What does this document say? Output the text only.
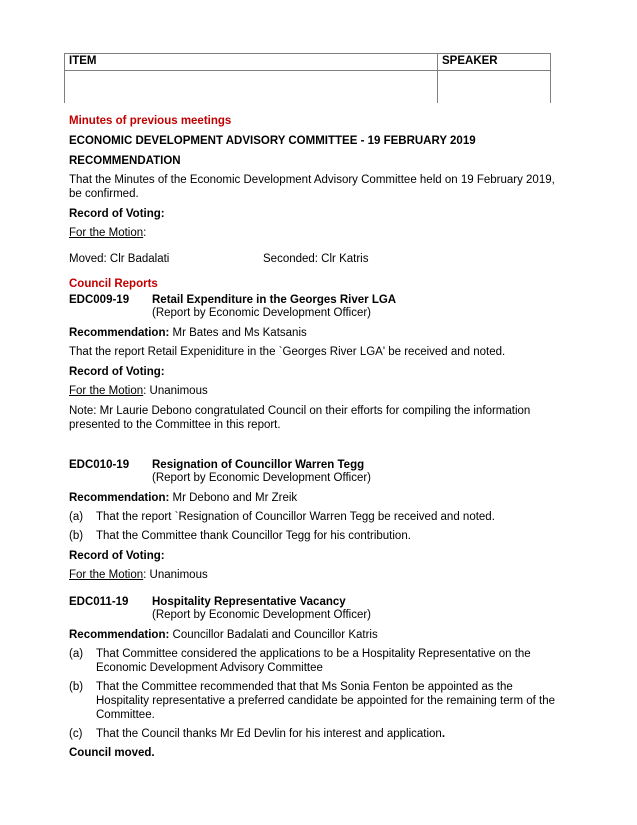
ITEM	SPEAKER

Minutes of previous meetings
ECONOMIC DEVELOPMENT ADVISORY COMMITTEE - 19 FEBRUARY 2019
RECOMMENDATION
That the Minutes of the Economic Development Advisory Committee held on 19 February 2019,
be confirmed.
Record of Voting:
For the Motion:
Moved: Clr Badalati	Seconded: Clr Katris
Council Reports
EDC009-19 Retail Expenditure in the Georges River LGA
(Report by Economic Development Officer)
Recommendation: Mr Bates and Ms Katsanis
That the report Retail Expeniditure in the `Georges River LGA' be received and noted.
Record of Voting:
For the Motion: Unanimous
Note: Mr Laurie Debono congratulated Council on their efforts for compiling the information
presented to the Committee in this report.
EDC010-19 Resignation of Councillor Warren Tegg
(Report by Economic Development Officer)
Recommendation: Mr Debono and Mr Zreik
(a) That the report `Resignation of Councillor Warren Tegg be received and noted.
(b) That the Committee thank Councillor Tegg for his contribution.
Record of Voting:
For the Motion: Unanimous
EDC011-19 Hospitality Representative Vacancy
(Report by Economic Development Officer)
Recommendation: Councillor Badalati and Councillor Katris
(a) That Committee considered the applications to be a Hospitality Representative on the
Economic Development Advisory Committee
(b) That the Committee recommended that that Ms Sonia Fenton be appointed as the
Hospitality representative a preferred candidate be appointed for the remaining term of the
Committee.
(c) That the Council thanks Mr Ed Devlin for his interest and application.
Council moved.
